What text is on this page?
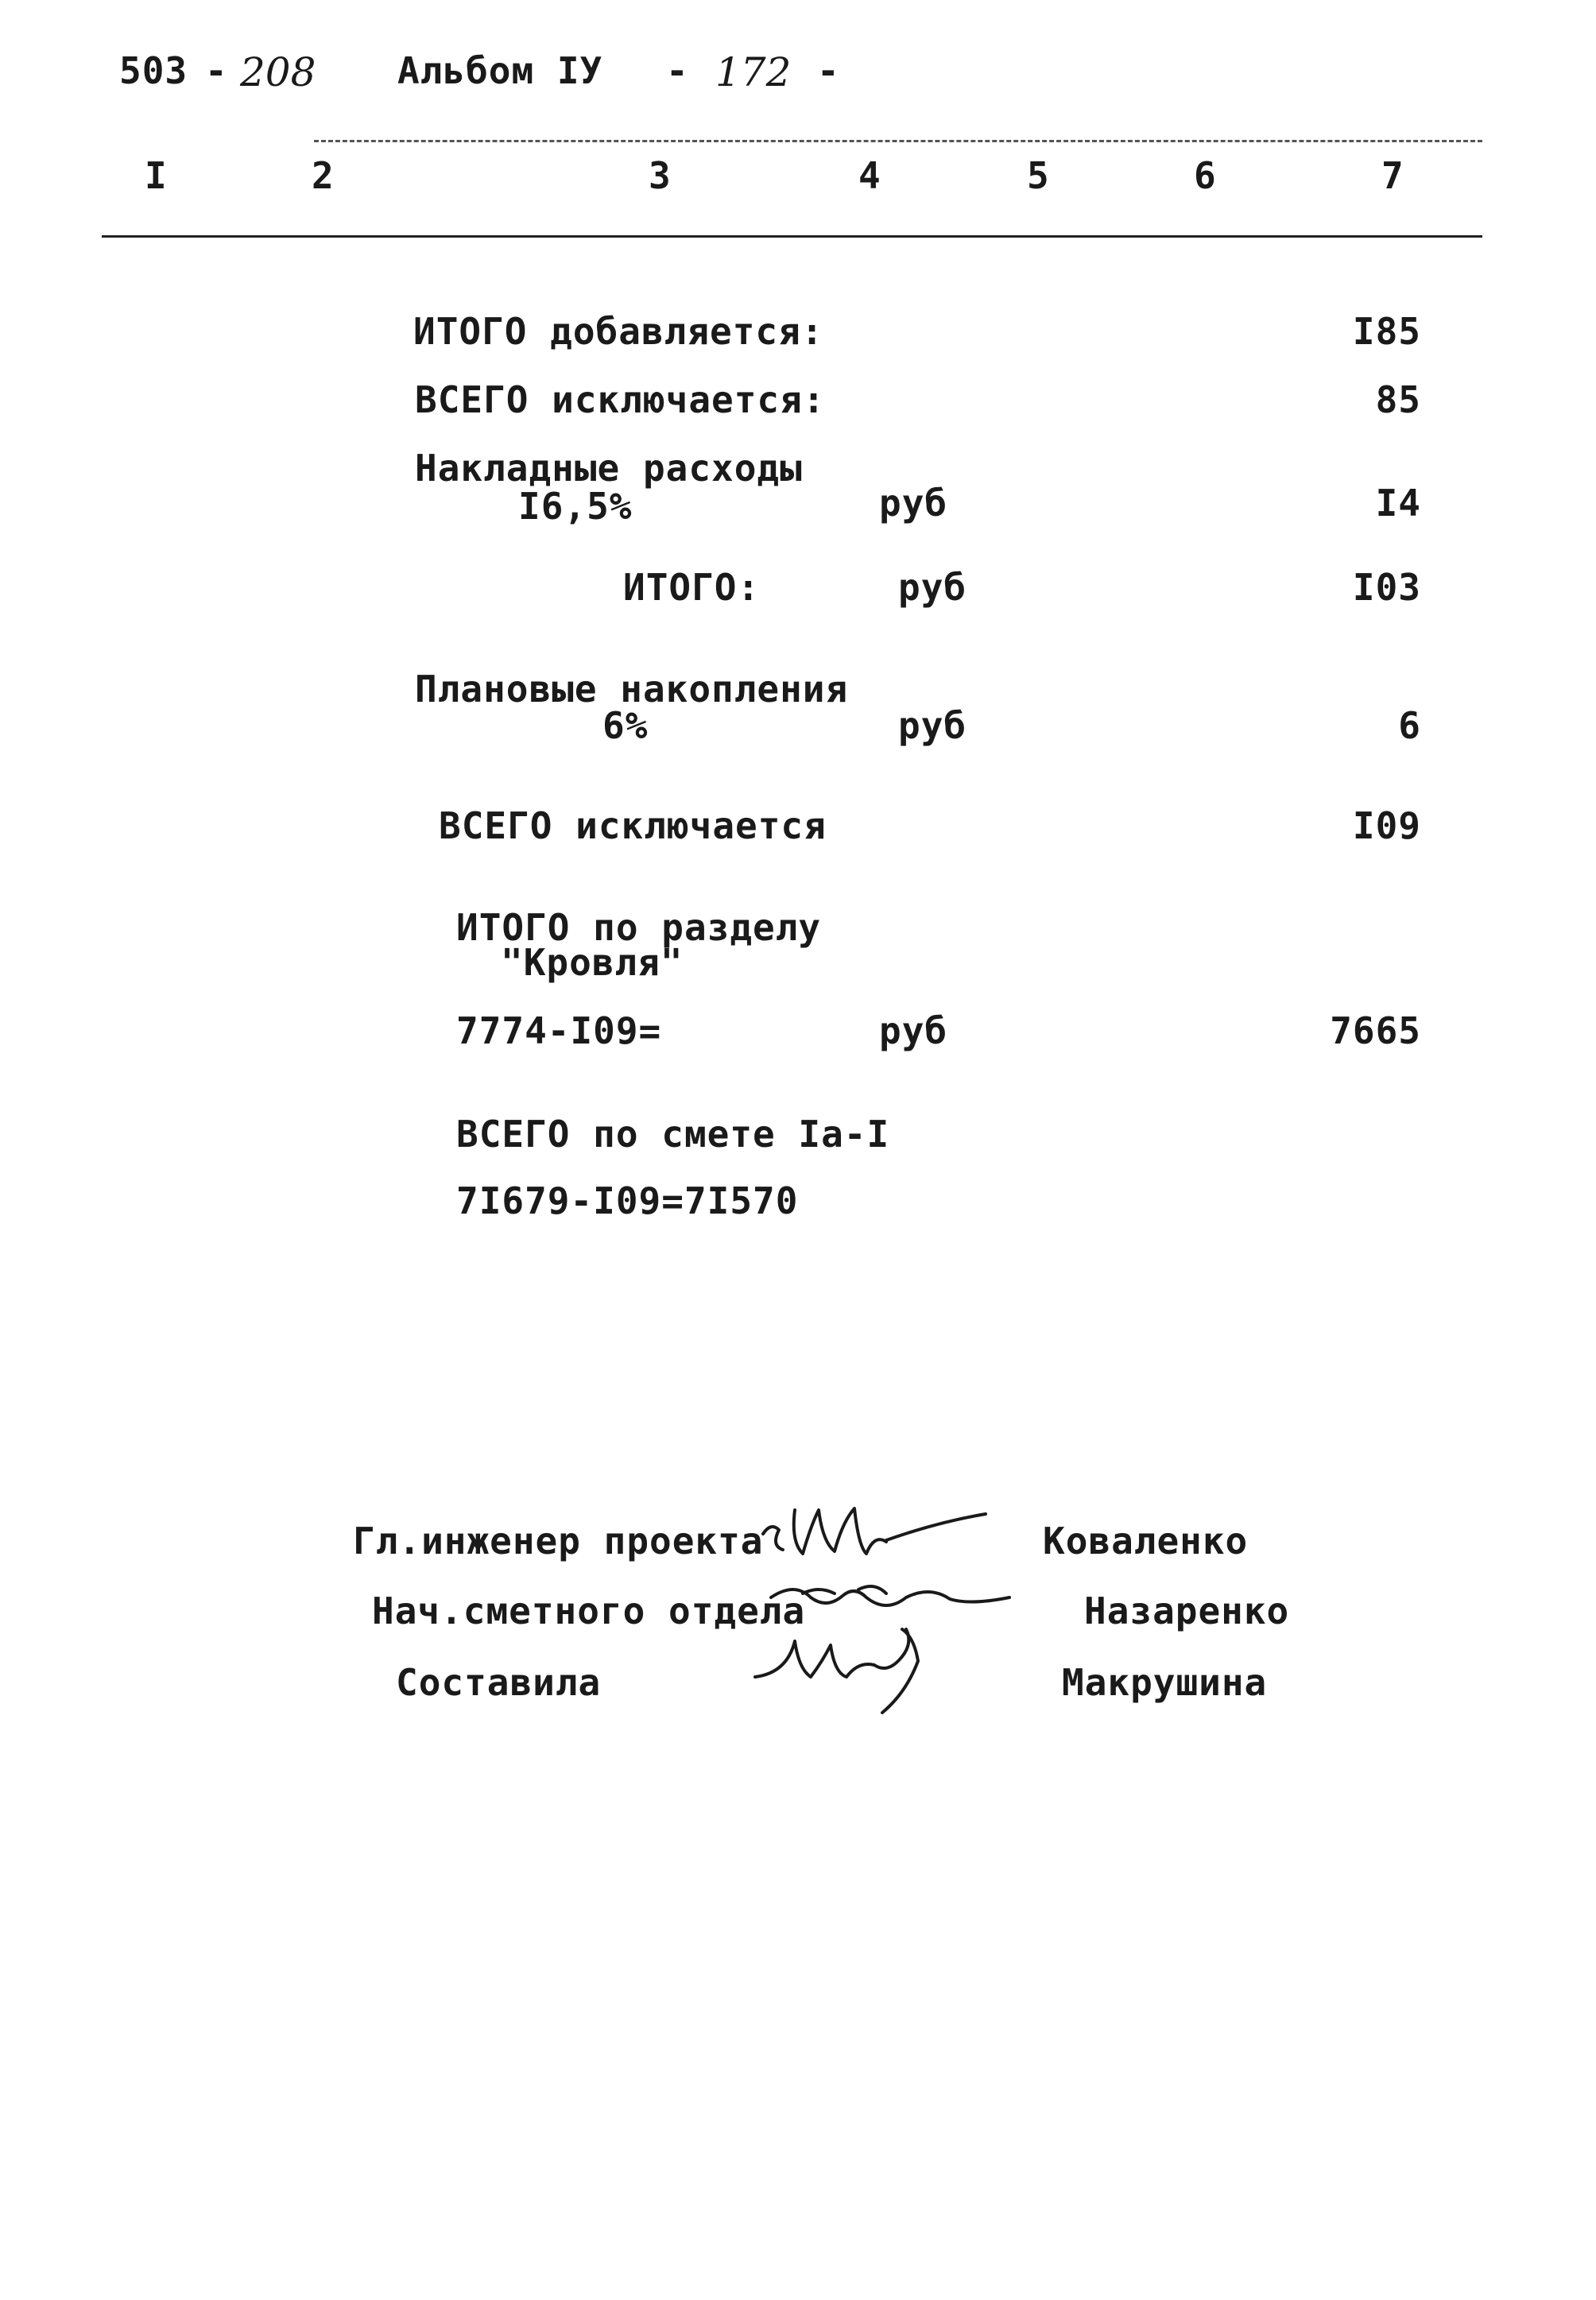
503 - 208 Альбом IУ - 172 -
I	2	3	4	5	6	7
ИТОГО добавляется:	I85
ВСЕГО исключается:	85
Накладные расходы
I6,5%	руб	I4
ИТОГО:	руб	I03
Плановые накопления
6%	руб	6
ВСЕГО исключается	I09
ИТОГО по разделу
"Кровля"
7774-I09=	руб	7665
ВСЕГО по смете Iа-I
7I679-I09=7I570
Гл.инженер проекта	Коваленко
Нач.сметного отдела	Назаренко
Составила	Макрушина
